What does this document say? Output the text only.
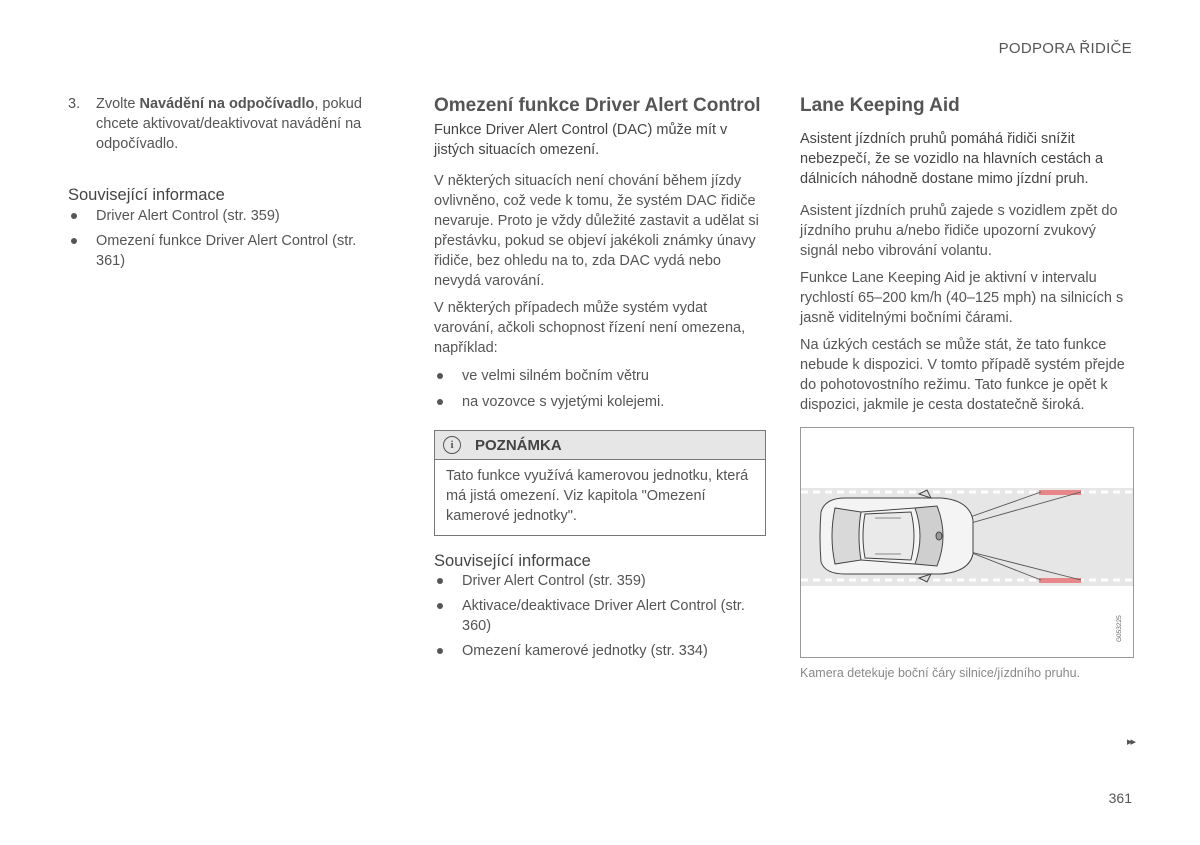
PODPORA ŘIDIČE

3.	Zvolte Navádění na odpočívadlo, pokud chcete aktivovat/deaktivovat navádění na odpočívadlo.

Související informace
Driver Alert Control (str. 359)
Omezení funkce Driver Alert Control (str. 361)
Omezení funkce Driver Alert Control

Funkce Driver Alert Control (DAC) může mít v jistých situacích omezení.

V některých situacích není chování během jízdy ovlivněno, což vede k tomu, že systém DAC řidiče nevaruje. Proto je vždy důležité zastavit a udělat si přestávku, pokud se objeví jakékoli známky únavy řidiče, bez ohledu na to, zda DAC vydá nebo nevydá varování.

V některých případech může systém vydat varování, ačkoli schopnost řízení není omezena, například:

ve velmi silném bočním větru
na vozovce s vyjetými kolejemi.
i	POZNÁMKA
Tato funkce využívá kamerovou jednotku, která má jistá omezení. Viz kapitola "Omezení kamerové jednotky".
Související informace
Driver Alert Control (str. 359)
Aktivace/deaktivace Driver Alert Control (str. 360)
Omezení kamerové jednotky (str. 334)
Lane Keeping Aid

Asistent jízdních pruhů pomáhá řidiči snížit nebezpečí, že se vozidlo na hlavních cestách a dálnicích náhodně dostane mimo jízdní pruh.

Asistent jízdních pruhů zajede s vozidlem zpět do jízdního pruhu a/nebo řidiče upozorní zvukový signál nebo vibrování volantu.

Funkce Lane Keeping Aid je aktivní v intervalu rychlostí 65–200 km/h (40–125 mph) na silnicích s jasně viditelnými bočními čárami.

Na úzkých cestách se může stát, že tato funkce nebude k dispozici. V tomto případě systém přejde do pohotovostního režimu. Tato funkce je opět k dispozici, jakmile je cesta dostatečně široká.

G053225
Kamera detekuje boční čáry silnice/jízdního pruhu.
▸▸
361
